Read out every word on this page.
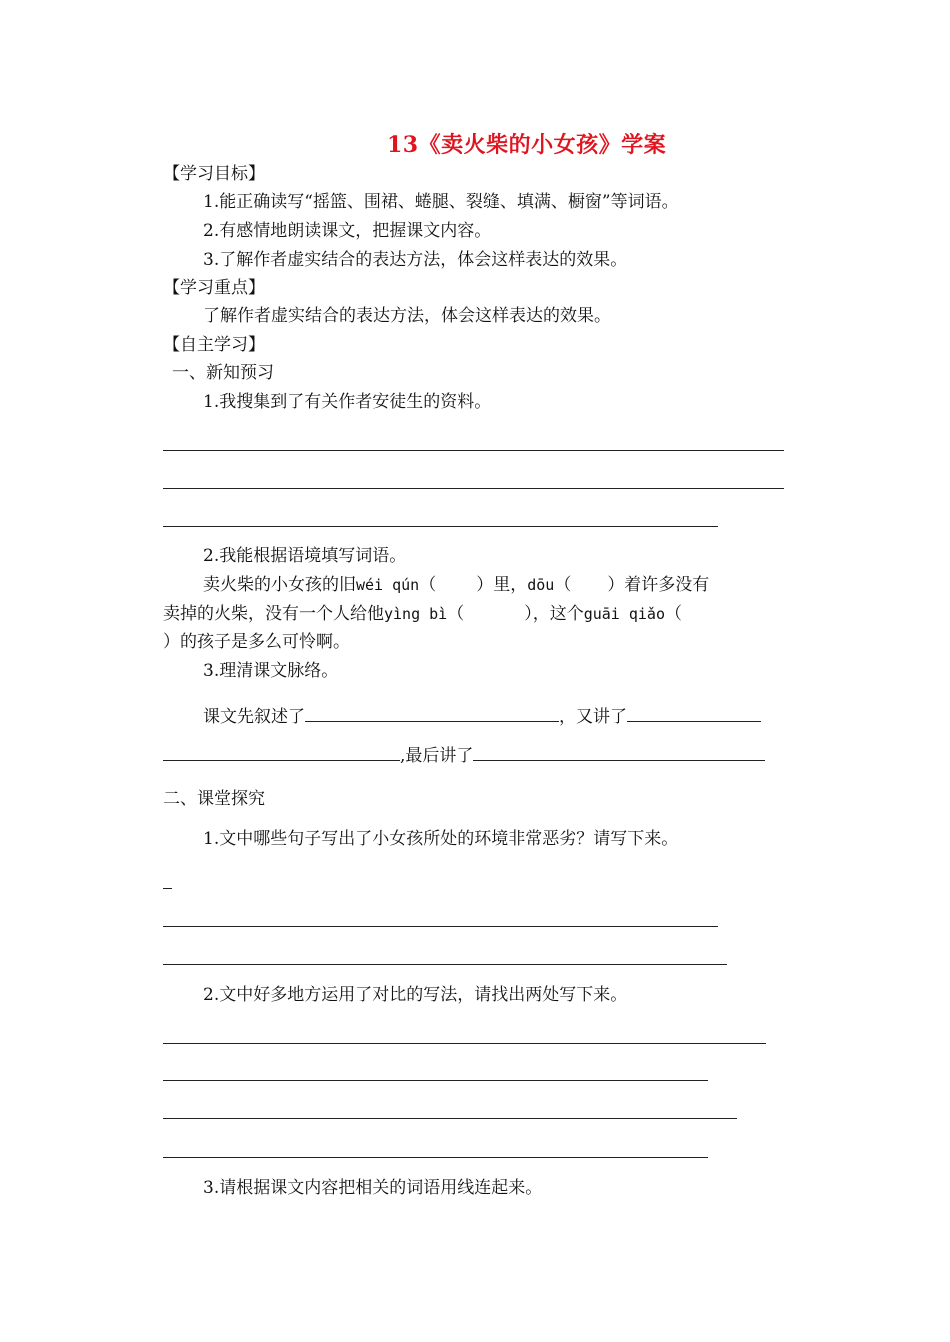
13《卖火柴的小女孩》学案
【学习目标】
1.能正确读写“摇篮、围裙、蜷腿、裂缝、填满、橱窗”等词语。
2.有感情地朗读课文，把握课文内容。
3.了解作者虚实结合的表达方法，体会这样表达的效果。
【学习重点】
了解作者虚实结合的表达方法，体会这样表达的效果。
【自主学习】
一、新知预习
1.我搜集到了有关作者安徒生的资料。
2.我能根据语境填写词语。
卖火柴的小女孩的旧wéi qún（ ）里，dōu（ ）着许多没有
卖掉的火柴，没有一个人给他yìng bì（	），这个guāi qiǎo（
）的孩子是多么可怜啊。
3.理清课文脉络。
课文先叙述了	，又讲了
,最后讲了
二、课堂探究
1.文中哪些句子写出了小女孩所处的环境非常恶劣？请写下来。
2.文中好多地方运用了对比的写法，请找出两处写下来。
3.请根据课文内容把相关的词语用线连起来。
